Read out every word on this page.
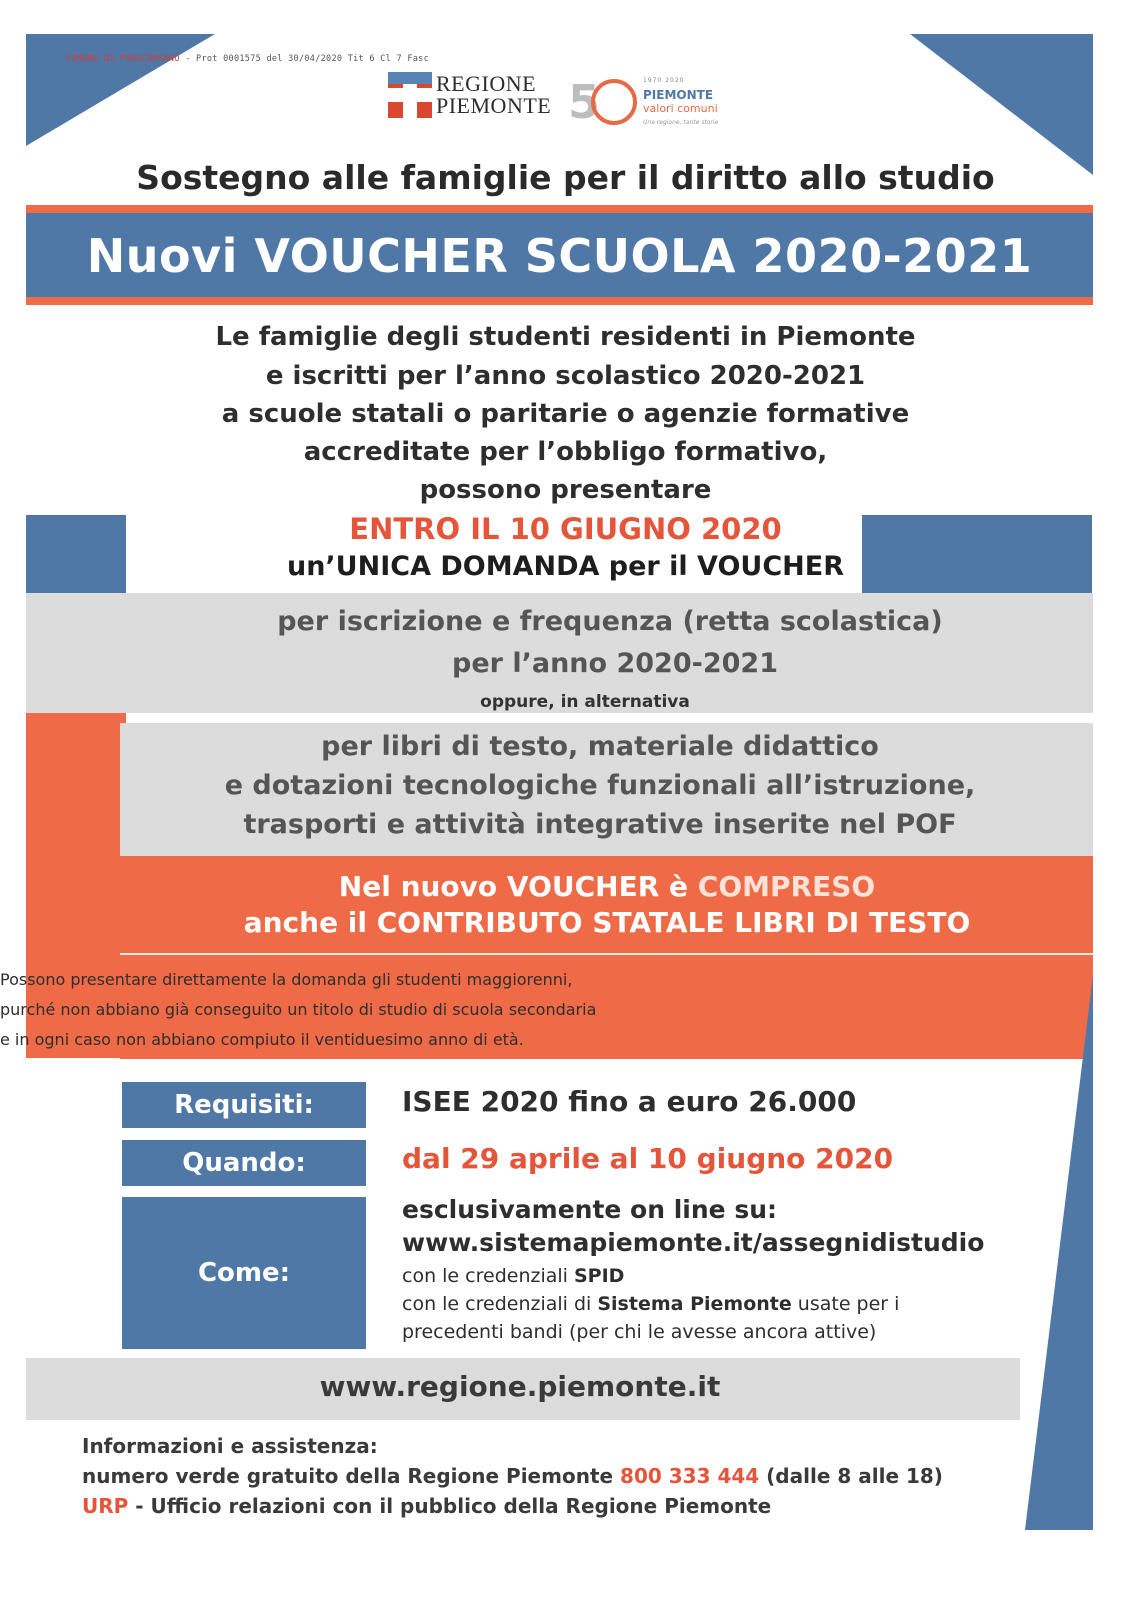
COMUNE DI PRASCORSANO - Prot 0001575 del 30/04/2020 Tit 6 Cl 7 Fasc
REGIONE
PIEMONTE 5	1970 2020
PIEMONTE
valori comuni
Una regione, tante storie
Sostegno alle famiglie per il diritto allo studio
Nuovi VOUCHER SCUOLA 2020-2021
Le famiglie degli studenti residenti in Piemonte
e iscritti per l’anno scolastico 2020-2021
a scuole statali o paritarie o agenzie formative
accreditate per l’obbligo formativo,
possono presentare
ENTRO IL 10 GIUGNO 2020
un’UNICA DOMANDA per il VOUCHER
per iscrizione e frequenza (retta scolastica)
per l’anno 2020-2021
oppure, in alternativa
per libri di testo, materiale didattico
e dotazioni tecnologiche funzionali all’istruzione,
trasporti e attività integrative inserite nel POF
Nel nuovo VOUCHER è COMPRESO
anche il CONTRIBUTO STATALE LIBRI DI TESTO
Possono presentare direttamente la domanda gli studenti maggiorenni,
purché non abbiano già conseguito un titolo di studio di scuola secondaria
e in ogni caso non abbiano compiuto il ventiduesimo anno di età.
Requisiti:	ISEE 2020 fino a euro 26.000
Quando:	dal 29 aprile al 10 giugno 2020
Come:
esclusivamente on line su:
www.sistemapiemonte.it/assegnidistudio
con le credenziali SPID
con le credenziali di Sistema Piemonte usate per i
precedenti bandi (per chi le avesse ancora attive)
www.regione.piemonte.it
Informazioni e assistenza:
numero verde gratuito della Regione Piemonte 800 333 444 (dalle 8 alle 18)
URP - Ufficio relazioni con il pubblico della Regione Piemonte
